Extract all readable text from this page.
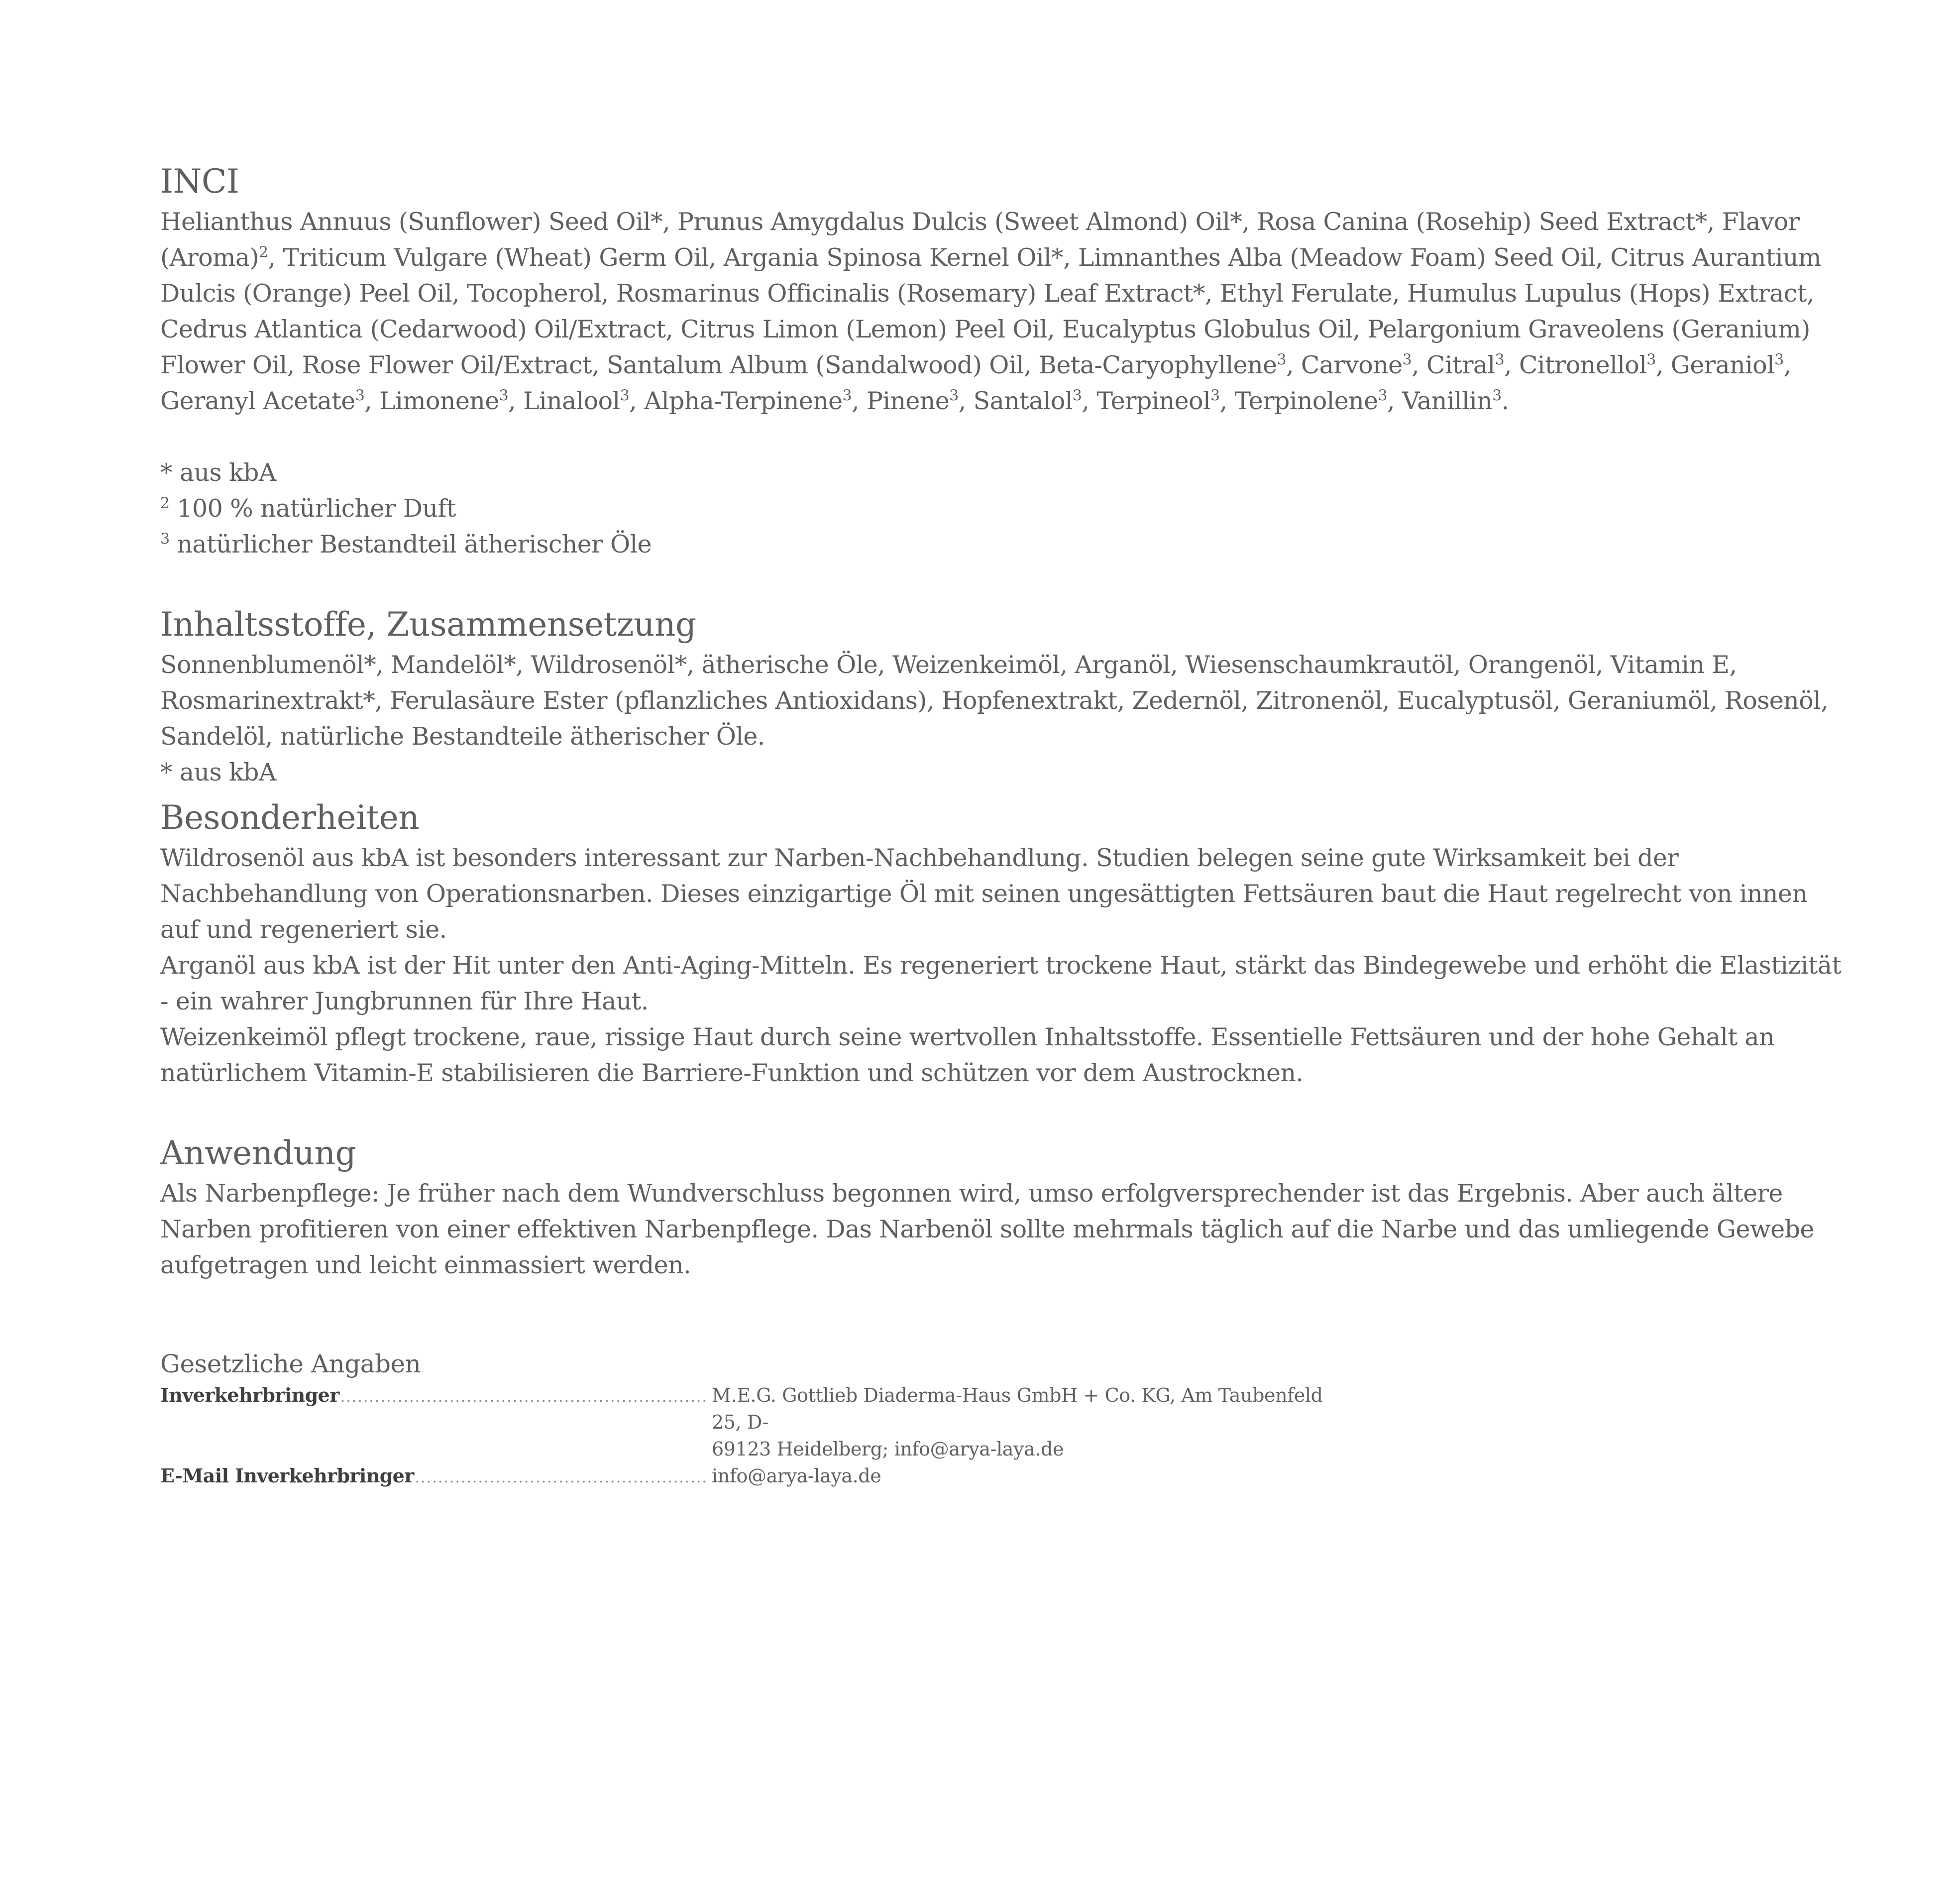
INCI
Helianthus Annuus (Sunflower) Seed Oil*, Prunus Amygdalus Dulcis (Sweet Almond) Oil*, Rosa Canina (Rosehip) Seed Extract*, Flavor
(Aroma)$^2$, Triticum Vulgare (Wheat) Germ Oil, Argania Spinosa Kernel Oil*, Limnanthes Alba (Meadow Foam) Seed Oil, Citrus Aurantium
Dulcis (Orange) Peel Oil, Tocopherol, Rosmarinus Officinalis (Rosemary) Leaf Extract*, Ethyl Ferulate, Humulus Lupulus (Hops) Extract,
Cedrus Atlantica (Cedarwood) Oil/Extract, Citrus Limon (Lemon) Peel Oil, Eucalyptus Globulus Oil, Pelargonium Graveolens (Geranium)
Flower Oil, Rose Flower Oil/Extract, Santalum Album (Sandalwood) Oil, Beta-Caryophyllene$^3$, Carvone$^3$, Citral$^3$, Citronellol$^3$, Geraniol$^3$,
Geranyl Acetate$^3$, Limonene$^3$, Linalool$^3$, Alpha-Terpinene$^3$, Pinene$^3$, Santalol$^3$, Terpineol$^3$, Terpinolene$^3$, Vanillin$^3$.
* aus kbA
$^2$ 100 % natürlicher Duft
$^3$ natürlicher Bestandteil ätherischer Öle
Inhaltsstoffe, Zusammensetzung
Sonnenblumenöl*, Mandelöl*, Wildrosenöl*, ätherische Öle, Weizenkeimöl, Arganöl, Wiesenschaumkrautöl, Orangenöl, Vitamin E,
Rosmarinextrakt*, Ferulasäure Ester (pflanzliches Antioxidans), Hopfenextrakt, Zedernöl, Zitronenöl, Eucalyptusöl, Geraniumöl, Rosenöl,
Sandelöl, natürliche Bestandteile ätherischer Öle.
* aus kbA
Besonderheiten
Wildrosenöl aus kbA ist besonders interessant zur Narben-Nachbehandlung. Studien belegen seine gute Wirksamkeit bei der
Nachbehandlung von Operationsnarben. Dieses einzigartige Öl mit seinen ungesättigten Fettsäuren baut die Haut regelrecht von innen
auf und regeneriert sie.
Arganöl aus kbA ist der Hit unter den Anti-Aging-Mitteln. Es regeneriert trockene Haut, stärkt das Bindegewebe und erhöht die Elastizität
- ein wahrer Jungbrunnen für Ihre Haut.
Weizenkeimöl pflegt trockene, raue, rissige Haut durch seine wertvollen Inhaltsstoffe. Essentielle Fettsäuren und der hohe Gehalt an
natürlichem Vitamin-E stabilisieren die Barriere-Funktion und schützen vor dem Austrocknen.
Anwendung
Als Narbenpflege: Je früher nach dem Wundverschluss begonnen wird, umso erfolgversprechender ist das Ergebnis. Aber auch ältere
Narben profitieren von einer effektiven Narbenpflege. Das Narbenöl sollte mehrmals täglich auf die Narbe und das umliegende Gewebe
aufgetragen und leicht einmassiert werden.
Gesetzliche Angaben
Inverkehrbringer .....	M.E.G. Gottlieb Diaderma-Haus GmbH + Co. KG, Am Taubenfeld 25, D-
69123 Heidelberg; info@arya-laya.de
E-Mail Inverkehrbringer .....	info@arya-laya.de
